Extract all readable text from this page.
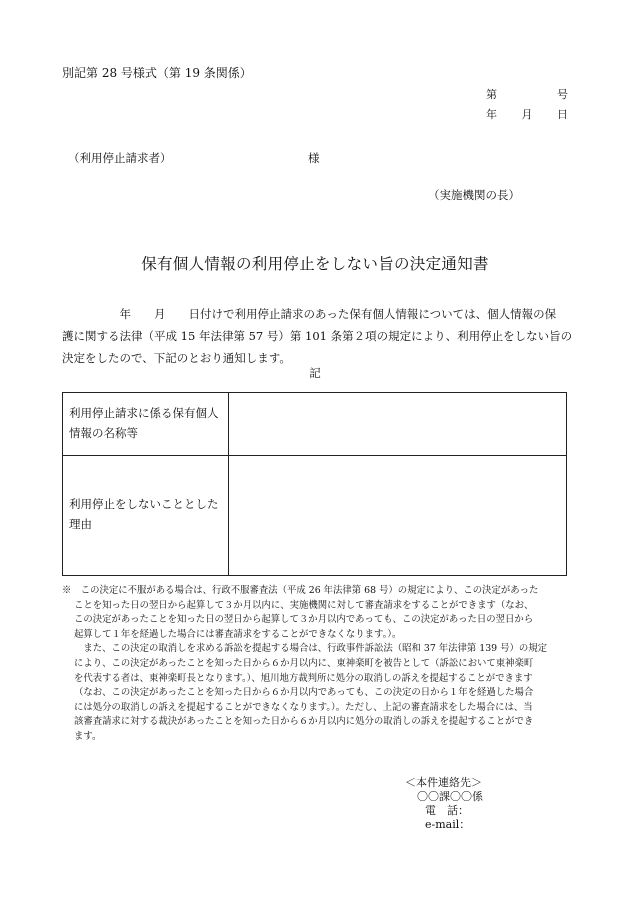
別記第 28 号様式（第 19 条関係）
第	号
年 月 日
（利用停止請求者）	様
（実施機関の長）
保有個人情報の利用停止をしない旨の決定通知書
　　　　　年　　月　　日付けで利用停止請求のあった保有個人情報については、個人情報の保
護に関する法律（平成 15 年法律第 57 号）第 101 条第２項の規定により、利用停止をしない旨の
決定をしたので、下記のとおり通知します。
記
利用停止請求に係る保有個人
情報の名称等
利用停止をしないこととした
理由
※　この決定に不服がある場合は、行政不服審査法（平成 26 年法律第 68 号）の規定により、この決定があった
ことを知った日の翌日から起算して３か月以内に、実施機関に対して審査請求をすることができます（なお、
この決定があったことを知った日の翌日から起算して３か月以内であっても、この決定があった日の翌日から
起算して１年を経過した場合には審査請求をすることができなくなります。）。
　また、この決定の取消しを求める訴訟を提起する場合は、行政事件訴訟法（昭和 37 年法律第 139 号）の規定
により、この決定があったことを知った日から６か月以内に、東神楽町を被告として（訴訟において東神楽町
を代表する者は、東神楽町長となります。）、旭川地方裁判所に処分の取消しの訴えを提起することができます
（なお、この決定があったことを知った日から６か月以内であっても、この決定の日から１年を経過した場合
には処分の取消しの訴えを提起することができなくなります。）。ただし、上記の審査請求をした場合には、当
該審査請求に対する裁決があったことを知った日から６か月以内に処分の取消しの訴えを提起することができ
ます。
＜本件連絡先＞
〇〇課〇〇係
電　話：
e-mail：
